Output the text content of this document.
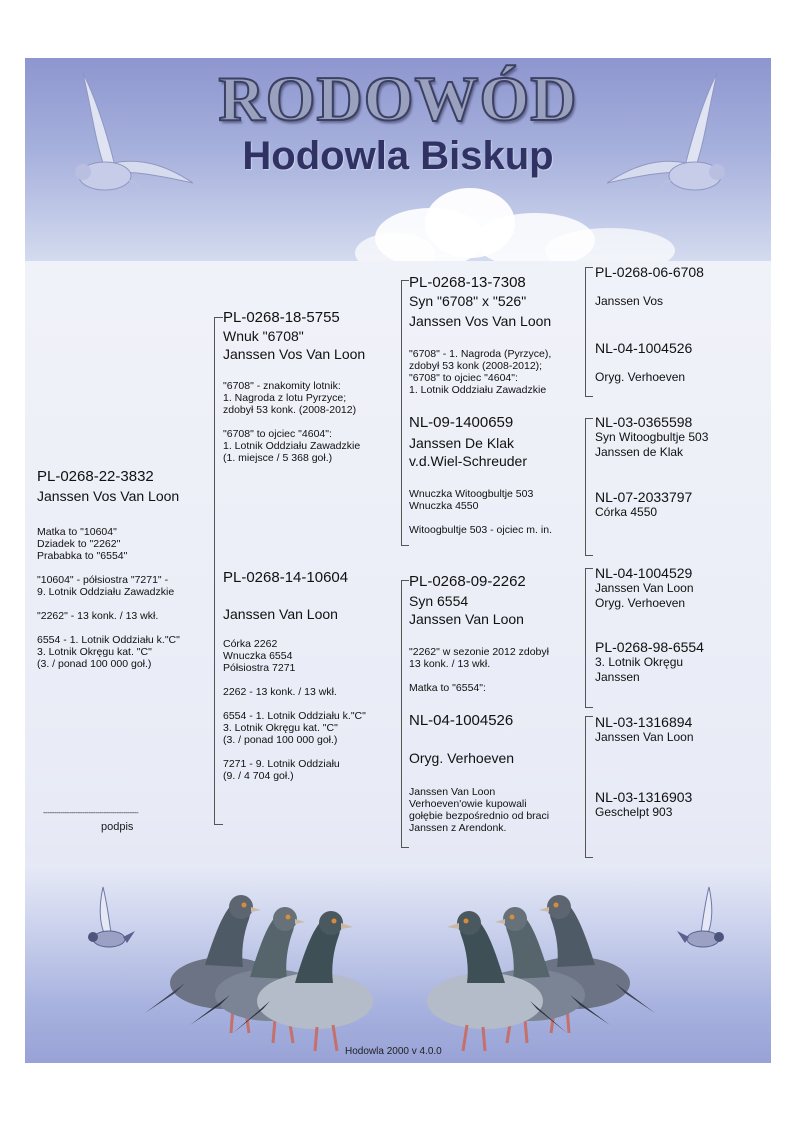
RODOWÓD
Hodowla Biskup
PL-0268-22-3832
Janssen Vos Van Loon
Matka to "10604"
Dziadek to "2262"
Prababka to "6554"
"10604" - półsiostra "7271" -
9. Lotnik Oddziału Zawadzkie
"2262" - 13 konk. / 13 wkł.
6554 - 1. Lotnik Oddziału k."C"
3. Lotnik Okręgu kat. "C"
(3. / ponad 100 000 goł.)
--------------------------------------------
podpis
PL-0268-18-5755
Wnuk "6708"
Janssen Vos Van Loon
"6708" - znakomity lotnik:
1. Nagroda z lotu Pyrzyce;
zdobył 53 konk. (2008-2012)
"6708" to ojciec "4604":
1. Lotnik Oddziału Zawadzkie
(1. miejsce / 5 368 goł.)
PL-0268-14-10604
Janssen Van Loon
Córka 2262
Wnuczka 6554
Półsiostra 7271
2262 - 13 konk. / 13 wkł.
6554 - 1. Lotnik Oddziału k."C"
3. Lotnik Okręgu kat. "C"
(3. / ponad 100 000 goł.)
7271 - 9. Lotnik Oddziału
(9. / 4 704 goł.)
PL-0268-13-7308
Syn "6708" x "526"
Janssen Vos Van Loon
"6708" - 1. Nagroda (Pyrzyce),
zdobył 53 konk (2008-2012);
"6708" to ojciec "4604":
1. Lotnik Oddziału Zawadzkie
NL-09-1400659
Janssen De Klak
v.d.Wiel-Schreuder
Wnuczka Witoogbultje 503
Wnuczka 4550
Witoogbultje 503 - ojciec m. in.
PL-0268-09-2262
Syn 6554
Janssen Van Loon
"2262" w sezonie 2012 zdobył
13 konk. / 13 wkł.
Matka to "6554":
NL-04-1004526
Oryg. Verhoeven
Janssen Van Loon
Verhoeven'owie kupowali
gołębie bezpośrednio od braci
Janssen z Arendonk.
PL-0268-06-6708
Janssen Vos
NL-04-1004526
Oryg. Verhoeven
NL-03-0365598
Syn Witoogbultje 503
Janssen de Klak
NL-07-2033797
Córka 4550
NL-04-1004529
Janssen Van Loon
Oryg. Verhoeven
PL-0268-98-6554
3. Lotnik Okręgu
Janssen
NL-03-1316894
Janssen Van Loon
NL-03-1316903
Geschelpt 903
Hodowla 2000 v 4.0.0
